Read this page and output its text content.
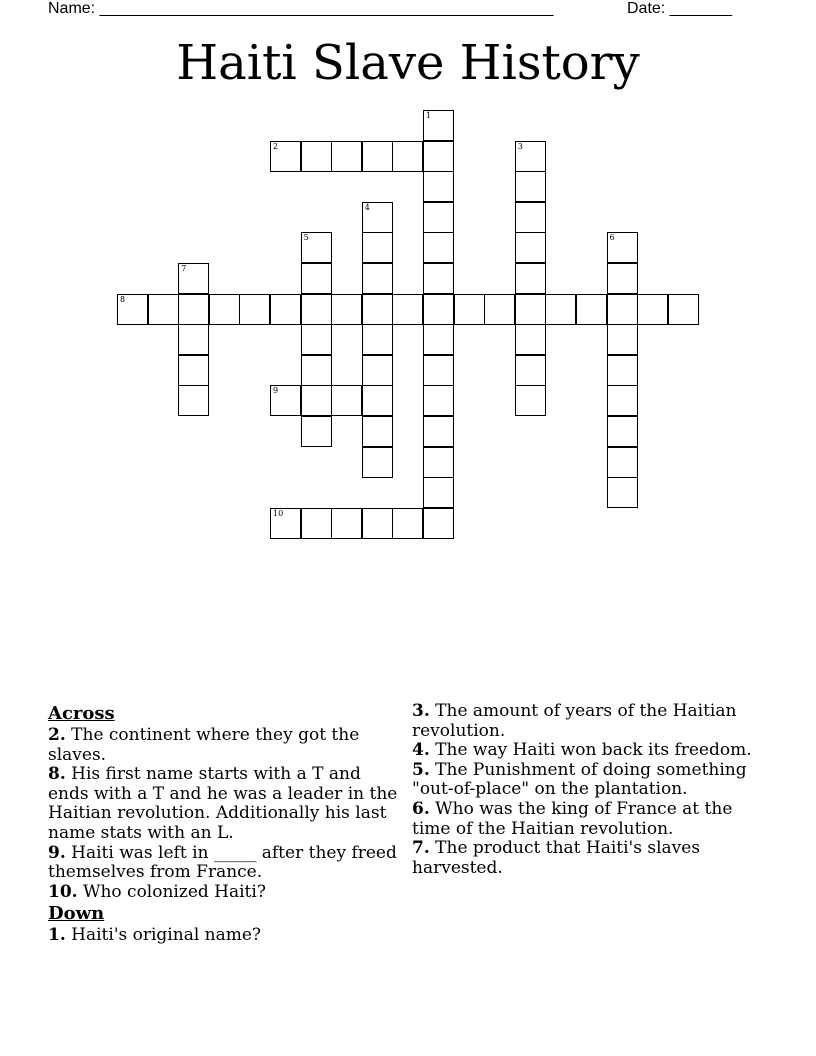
Name: ___________________________________________________	Date: _______
Haiti Slave History
1
2	3
4
5	6
7
8
9
10
Across

2. The continent where they got the slaves.

8. His first name starts with a T and ends with a T and he was a leader in the Haitian revolution. Additionally his last name stats with an L.

9. Haiti was left in _____ after they freed themselves from France.

10. Who colonized Haiti?

Down

1. Haiti's original name?

3. The amount of years of the Haitian revolution.

4. The way Haiti won back its freedom.

5. The Punishment of doing something "out-of-place" on the plantation.

6. Who was the king of France at the time of the Haitian revolution.

7. The product that Haiti's slaves harvested.
